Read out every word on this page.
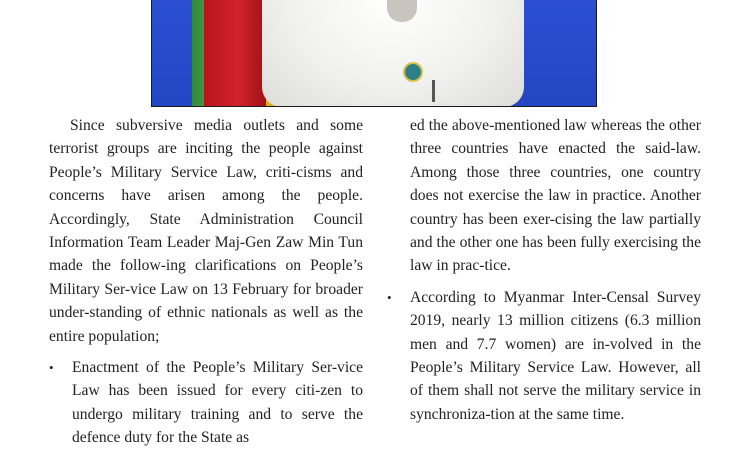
Since subversive media outlets and some terrorist groups are inciting the people against People’s Military Service Law, criti-cisms and concerns have arisen among the people. Accordingly, State Administration Council Information Team Leader Maj-Gen Zaw Min Tun made the follow-ing clarifications on People’s Military Ser-vice Law on 13 February for broader under-standing of ethnic nationals as well as the entire population;

• Enactment of the People’s Military Ser-vice Law has been issued for every citi-zen to undergo military training and to serve the defence duty for the State as

ed the above-mentioned law whereas the other three countries have enacted the said-law. Among those three countries, one country does not exercise the law in practice. Another country has been exer-cising the law partially and the other one has been fully exercising the law in prac-tice.

• According to Myanmar Inter-Censal Survey 2019, nearly 13 million citizens (6.3 million men and 7.7 women) are in-volved in the People’s Military Service Law. However, all of them shall not serve the military service in synchroniza-tion at the same time.
